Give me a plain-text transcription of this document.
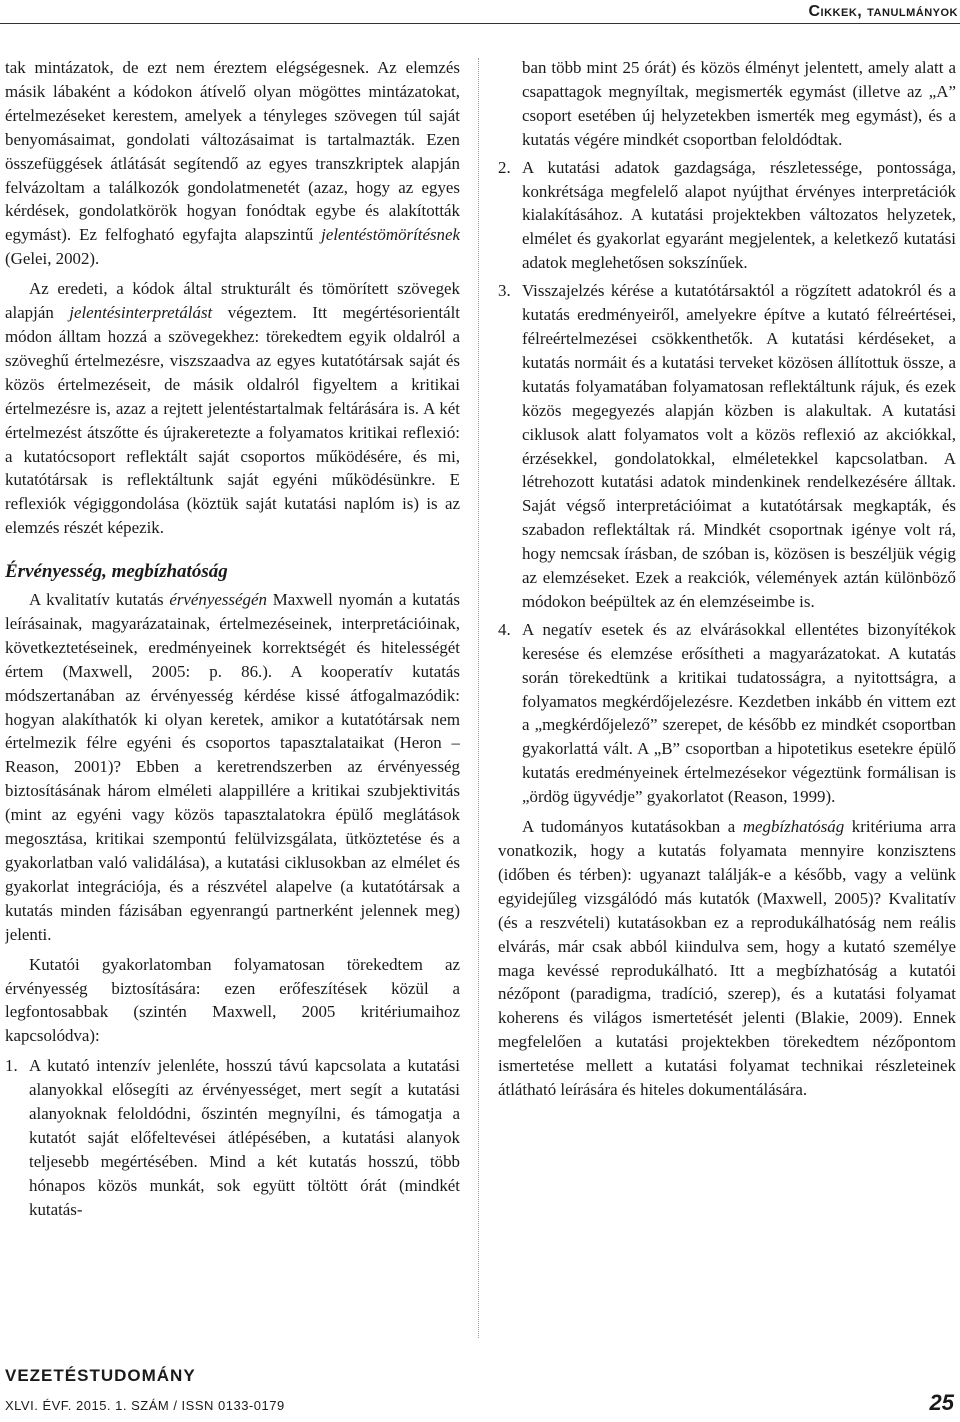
Cikkek, tanulmányok

tak mintázatok, de ezt nem éreztem elégségesnek. Az elemzés másik lábaként a kódokon átívelő olyan mögöttes mintázatokat, értelmezéseket kerestem, amelyek a tényleges szövegen túl saját benyomásaimat, gondolati változásaimat is tartalmazták. Ezen összefüggések átlátását segítendő az egyes transzkriptek alapján felvázoltam a találkozók gondolatmenetét (azaz, hogy az egyes kérdések, gondolatkörök hogyan fonódtak egybe és alakították egymást). Ez felfogható egyfajta alapszintű jelentéstömörítésnek (Gelei, 2002).

Az eredeti, a kódok által strukturált és tömörített szövegek alapján jelentésinterpretálást végeztem. Itt megértésorientált módon álltam hozzá a szövegekhez: törekedtem egyik oldalról a szöveghű értelmezésre, viszszaadva az egyes kutatótársak saját és közös értelmezéseit, de másik oldalról figyeltem a kritikai értelmezésre is, azaz a rejtett jelentéstartalmak feltárására is. A két értelmezést átszőtte és újrakeretezte a folyamatos kritikai reflexió: a kutatócsoport reflektált saját csoportos működésére, és mi, kutatótársak is reflektáltunk saját egyéni működésünkre. E reflexiók végiggondolása (köztük saját kutatási naplóm is) is az elemzés részét képezik.

Érvényesség, megbízhatóság

A kvalitatív kutatás érvényességén Maxwell nyomán a kutatás leírásainak, magyarázatainak, értelmezéseinek, interpretációinak, következtetéseinek, eredményeinek korrektségét és hitelességét értem (Maxwell, 2005: p. 86.). A kooperatív kutatás módszertanában az érvényesség kérdése kissé átfogalmazódik: hogyan alakíthatók ki olyan keretek, amikor a kutatótársak nem értelmezik félre egyéni és csoportos tapasztalataikat (Heron – Reason, 2001)? Ebben a keretrendszerben az érvényesség biztosításának három elméleti alappillére a kritikai szubjektivitás (mint az egyéni vagy közös tapasztalatokra épülő meglátások megosztása, kritikai szempontú felülvizsgálata, ütköztetése és a gyakorlatban való validálása), a kutatási ciklusokban az elmélet és gyakorlat integrációja, és a részvétel alapelve (a kutatótársak a kutatás minden fázisában egyenrangú partnerként jelennek meg) jelenti.

Kutatói gyakorlatomban folyamatosan törekedtem az érvényesség biztosítására: ezen erőfeszítések közül a legfontosabbak (szintén Maxwell, 2005 kritériumaihoz kapcsolódva):

1. A kutató intenzív jelenléte, hosszú távú kapcsolata a kutatási alanyokkal elősegíti az érvényességet, mert segít a kutatási alanyoknak feloldódni, őszintén megnyílni, és támogatja a kutatót saját előfeltevései átlépésében, a kutatási alanyok teljesebb megértésében. Mind a két kutatás hosszú, több hónapos közös munkát, sok együtt töltött órát (mindkét kutatás-
ban több mint 25 órát) és közös élményt jelentett, amely alatt a csapattagok megnyíltak, megismerték egymást (illetve az „A” csoport esetében új helyzetekben ismerték meg egymást), és a kutatás végére mindkét csoportban feloldódtak.
2. A kutatási adatok gazdagsága, részletessége, pontossága, konkrétsága megfelelő alapot nyújthat érvényes interpretációk kialakításához. A kutatási projektekben változatos helyzetek, elmélet és gyakorlat egyaránt megjelentek, a keletkező kutatási adatok meglehetősen sokszínűek.
3. Visszajelzés kérése a kutatótársaktól a rögzített adatokról és a kutatás eredményeiről, amelyekre építve a kutató félreértései, félreértelmezései csökkenthetők. A kutatási kérdéseket, a kutatás normáit és a kutatási terveket közösen állítottuk össze, a kutatás folyamatában folyamatosan reflektáltunk rájuk, és ezek közös megegyezés alapján közben is alakultak. A kutatási ciklusok alatt folyamatos volt a közös reflexió az akciókkal, érzésekkel, gondolatokkal, elméletekkel kapcsolatban. A létrehozott kutatási adatok mindenkinek rendelkezésére álltak. Saját végső interpretációimat a kutatótársak megkapták, és szabadon reflektáltak rá. Mindkét csoportnak igénye volt rá, hogy nemcsak írásban, de szóban is, közösen is beszéljük végig az elemzéseket. Ezek a reakciók, vélemények aztán különböző módokon beépültek az én elemzéseimbe is.
4. A negatív esetek és az elvárásokkal ellentétes bizonyítékok keresése és elemzése erősítheti a magyarázatokat. A kutatás során törekedtünk a kritikai tudatosságra, a nyitottságra, a folyamatos megkérdőjelezésre. Kezdetben inkább én vittem ezt a „megkérdőjelező” szerepet, de később ez mindkét csoportban gyakorlattá vált. A „B” csoportban a hipotetikus esetekre épülő kutatás eredményeinek értelmezésekor végeztünk formálisan is „ördög ügyvédje” gyakorlatot (Reason, 1999).

A tudományos kutatásokban a megbízhatóság kritériuma arra vonatkozik, hogy a kutatás folyamata mennyire konzisztens (időben és térben): ugyanazt találják-e a később, vagy a velünk egyidejűleg vizsgálódó más kutatók (Maxwell, 2005)? Kvalitatív (és a reszvételi) kutatásokban ez a reprodukálhatóság nem reális elvárás, már csak abból kiindulva sem, hogy a kutató személye maga kevéssé reprodukálható. Itt a megbízhatóság a kutatói nézőpont (paradigma, tradíció, szerep), és a kutatási folyamat koherens és világos ismertetését jelenti (Blakie, 2009). Ennek megfelelően a kutatási projektekben törekedtem nézőpontom ismertetése mellett a kutatási folyamat technikai részleteinek átlátható leírására és hiteles dokumentálására.

VEZETÉSTUDOMÁNY
XLVI. ÉVF. 2015. 1. SZÁM / ISSN 0133-0179	25
